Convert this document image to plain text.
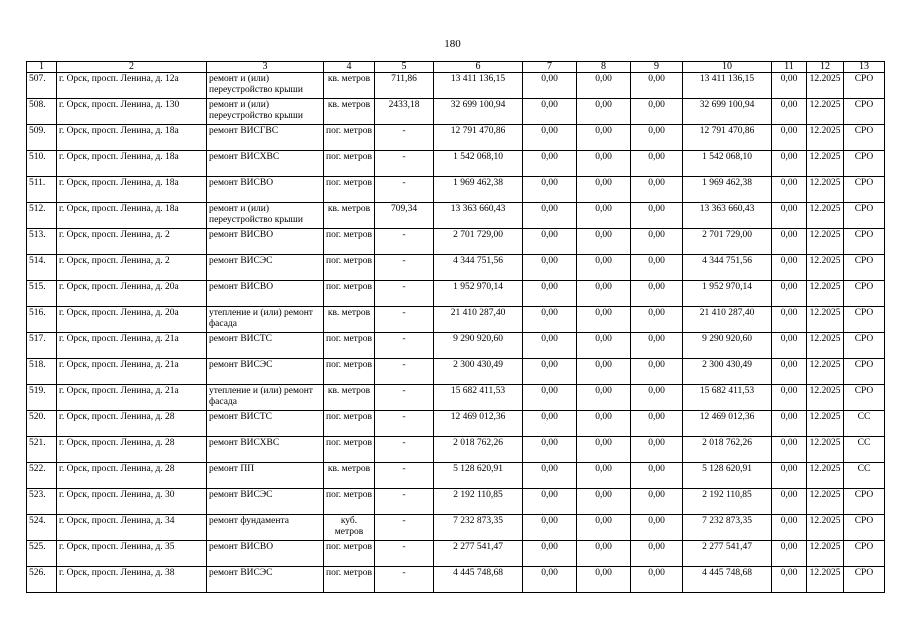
180
1	2	3	4	5	6	7	8	9	10	11	12	13
507.	г. Орск, просп. Ленина, д. 12а	ремонт и (или) переустройство крыши	кв. метров	711,86	13 411 136,15	0,00	0,00	0,00	13 411 136,15	0,00	12.2025	СРО
508.	г. Орск, просп. Ленина, д. 130	ремонт и (или) переустройство крыши	кв. метров	2433,18	32 699 100,94	0,00	0,00	0,00	32 699 100,94	0,00	12.2025	СРО
509.	г. Орск, просп. Ленина, д. 18а	ремонт ВИСГВС	пог. метров	-	12 791 470,86	0,00	0,00	0,00	12 791 470,86	0,00	12.2025	СРО
510.	г. Орск, просп. Ленина, д. 18а	ремонт ВИСХВС	пог. метров	-	1 542 068,10	0,00	0,00	0,00	1 542 068,10	0,00	12.2025	СРО
511.	г. Орск, просп. Ленина, д. 18а	ремонт ВИСВО	пог. метров	-	1 969 462,38	0,00	0,00	0,00	1 969 462,38	0,00	12.2025	СРО
512.	г. Орск, просп. Ленина, д. 18а	ремонт и (или) переустройство крыши	кв. метров	709,34	13 363 660,43	0,00	0,00	0,00	13 363 660,43	0,00	12.2025	СРО
513.	г. Орск, просп. Ленина, д. 2	ремонт ВИСВО	пог. метров	-	2 701 729,00	0,00	0,00	0,00	2 701 729,00	0,00	12.2025	СРО
514.	г. Орск, просп. Ленина, д. 2	ремонт ВИСЭС	пог. метров	-	4 344 751,56	0,00	0,00	0,00	4 344 751,56	0,00	12.2025	СРО
515.	г. Орск, просп. Ленина, д. 20а	ремонт ВИСВО	пог. метров	-	1 952 970,14	0,00	0,00	0,00	1 952 970,14	0,00	12.2025	СРО
516.	г. Орск, просп. Ленина, д. 20а	утепление и (или) ремонт фасада	кв. метров	-	21 410 287,40	0,00	0,00	0,00	21 410 287,40	0,00	12.2025	СРО
517.	г. Орск, просп. Ленина, д. 21а	ремонт ВИСТС	пог. метров	-	9 290 920,60	0,00	0,00	0,00	9 290 920,60	0,00	12.2025	СРО
518.	г. Орск, просп. Ленина, д. 21а	ремонт ВИСЭС	пог. метров	-	2 300 430,49	0,00	0,00	0,00	2 300 430,49	0,00	12.2025	СРО
519.	г. Орск, просп. Ленина, д. 21а	утепление и (или) ремонт фасада	кв. метров	-	15 682 411,53	0,00	0,00	0,00	15 682 411,53	0,00	12.2025	СРО
520.	г. Орск, просп. Ленина, д. 28	ремонт ВИСТС	пог. метров	-	12 469 012,36	0,00	0,00	0,00	12 469 012,36	0,00	12.2025	СС
521.	г. Орск, просп. Ленина, д. 28	ремонт ВИСХВС	пог. метров	-	2 018 762,26	0,00	0,00	0,00	2 018 762,26	0,00	12.2025	СС
522.	г. Орск, просп. Ленина, д. 28	ремонт ПП	кв. метров	-	5 128 620,91	0,00	0,00	0,00	5 128 620,91	0,00	12.2025	СС
523.	г. Орск, просп. Ленина, д. 30	ремонт ВИСЭС	пог. метров	-	2 192 110,85	0,00	0,00	0,00	2 192 110,85	0,00	12.2025	СРО
524.	г. Орск, просп. Ленина, д. 34	ремонт фундамента	куб. метров	-	7 232 873,35	0,00	0,00	0,00	7 232 873,35	0,00	12.2025	СРО
525.	г. Орск, просп. Ленина, д. 35	ремонт ВИСВО	пог. метров	-	2 277 541,47	0,00	0,00	0,00	2 277 541,47	0,00	12.2025	СРО
526.	г. Орск, просп. Ленина, д. 38	ремонт ВИСЭС	пог. метров	-	4 445 748,68	0,00	0,00	0,00	4 445 748,68	0,00	12.2025	СРО
